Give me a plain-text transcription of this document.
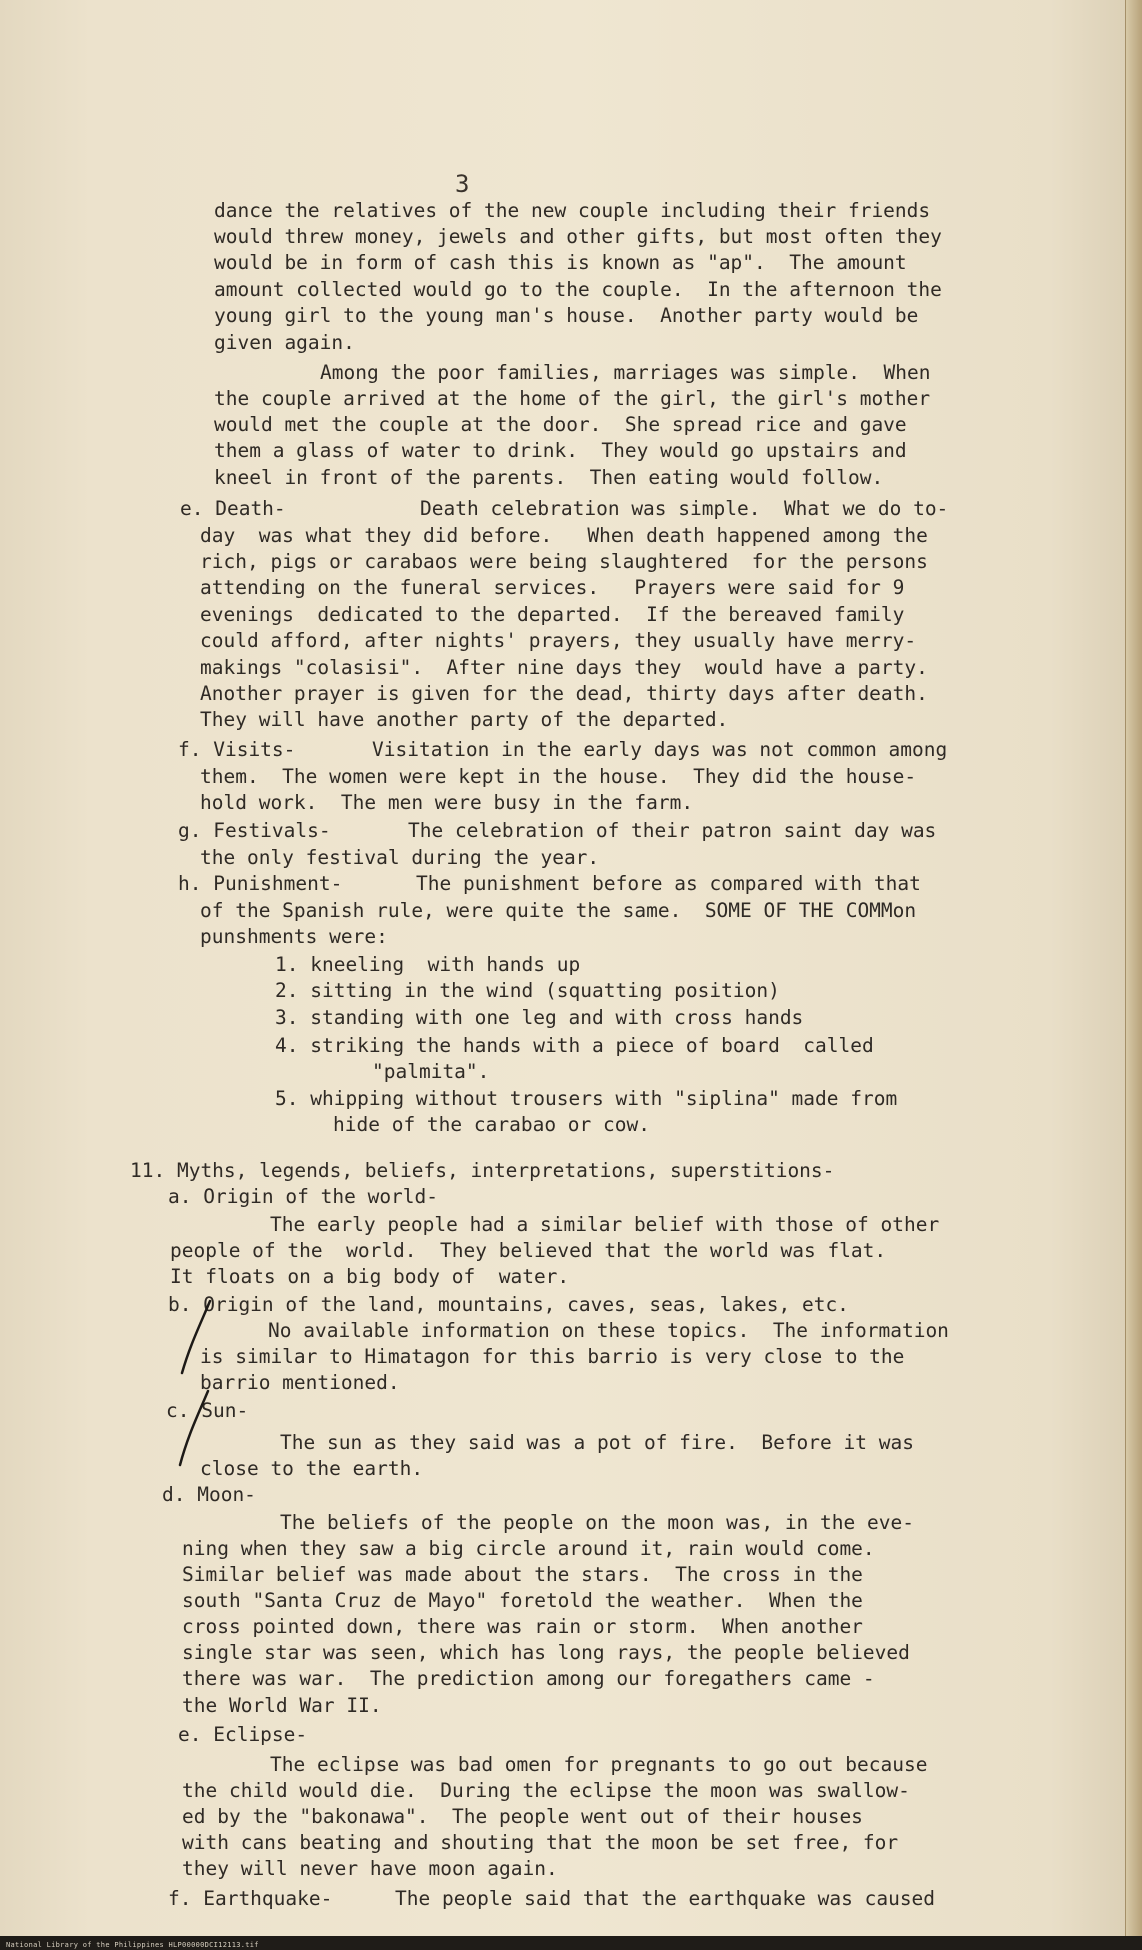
3
dance the relatives of the new couple including their friends
would threw money, jewels and other gifts, but most often they
would be in form of cash this is known as "ap".  The amount
amount collected would go to the couple.  In the afternoon the
young girl to the young man's house.  Another party would be
given again.
Among the poor families, marriages was simple.  When
the couple arrived at the home of the girl, the girl's mother
would met the couple at the door.  She spread rice and gave
them a glass of water to drink.  They would go upstairs and
kneel in front of the parents.  Then eating would follow.
e. Death-	Death celebration was simple.  What we do to-
day  was what they did before.   When death happened among the
rich, pigs or carabaos were being slaughtered  for the persons
attending on the funeral services.   Prayers were said for 9
evenings  dedicated to the departed.  If the bereaved family
could afford, after nights' prayers, they usually have merry-
makings "colasisi".  After nine days they  would have a party.
Another prayer is given for the dead, thirty days after death.
They will have another party of the departed.
f. Visits-	Visitation in the early days was not common among
them.  The women were kept in the house.  They did the house-
hold work.  The men were busy in the farm.
g. Festivals-	The celebration of their patron saint day was
the only festival during the year.
h. Punishment-	The punishment before as compared with that
of the Spanish rule, were quite the same.  SOME OF THE COMMon
punshments were:
1. kneeling  with hands up
2. sitting in the wind (squatting position)
3. standing with one leg and with cross hands
4. striking the hands with a piece of board  called
"palmita".
5. whipping without trousers with "siplina" made from
hide of the carabao or cow.
11. Myths, legends, beliefs, interpretations, superstitions-
a. Origin of the world-
The early people had a similar belief with those of other
people of the  world.  They believed that the world was flat.
It floats on a big body of  water.
b. Origin of the land, mountains, caves, seas, lakes, etc.
No available information on these topics.  The information
is similar to Himatagon for this barrio is very close to the
barrio mentioned.
c. Sun-
The sun as they said was a pot of fire.  Before it was
close to the earth.
d. Moon-
The beliefs of the people on the moon was, in the eve-
ning when they saw a big circle around it, rain would come.
Similar belief was made about the stars.  The cross in the
south "Santa Cruz de Mayo" foretold the weather.  When the
cross pointed down, there was rain or storm.  When another
single star was seen, which has long rays, the people believed
there was war.  The prediction among our foregathers came -
the World War II.
e. Eclipse-
The eclipse was bad omen for pregnants to go out because
the child would die.  During the eclipse the moon was swallow-
ed by the "bakonawa".  The people went out of their houses
with cans beating and shouting that the moon be set free, for
they will never have moon again.
f. Earthquake-	The people said that the earthquake was caused
National Library of the Philippines HLP00000DCI12113.tif
